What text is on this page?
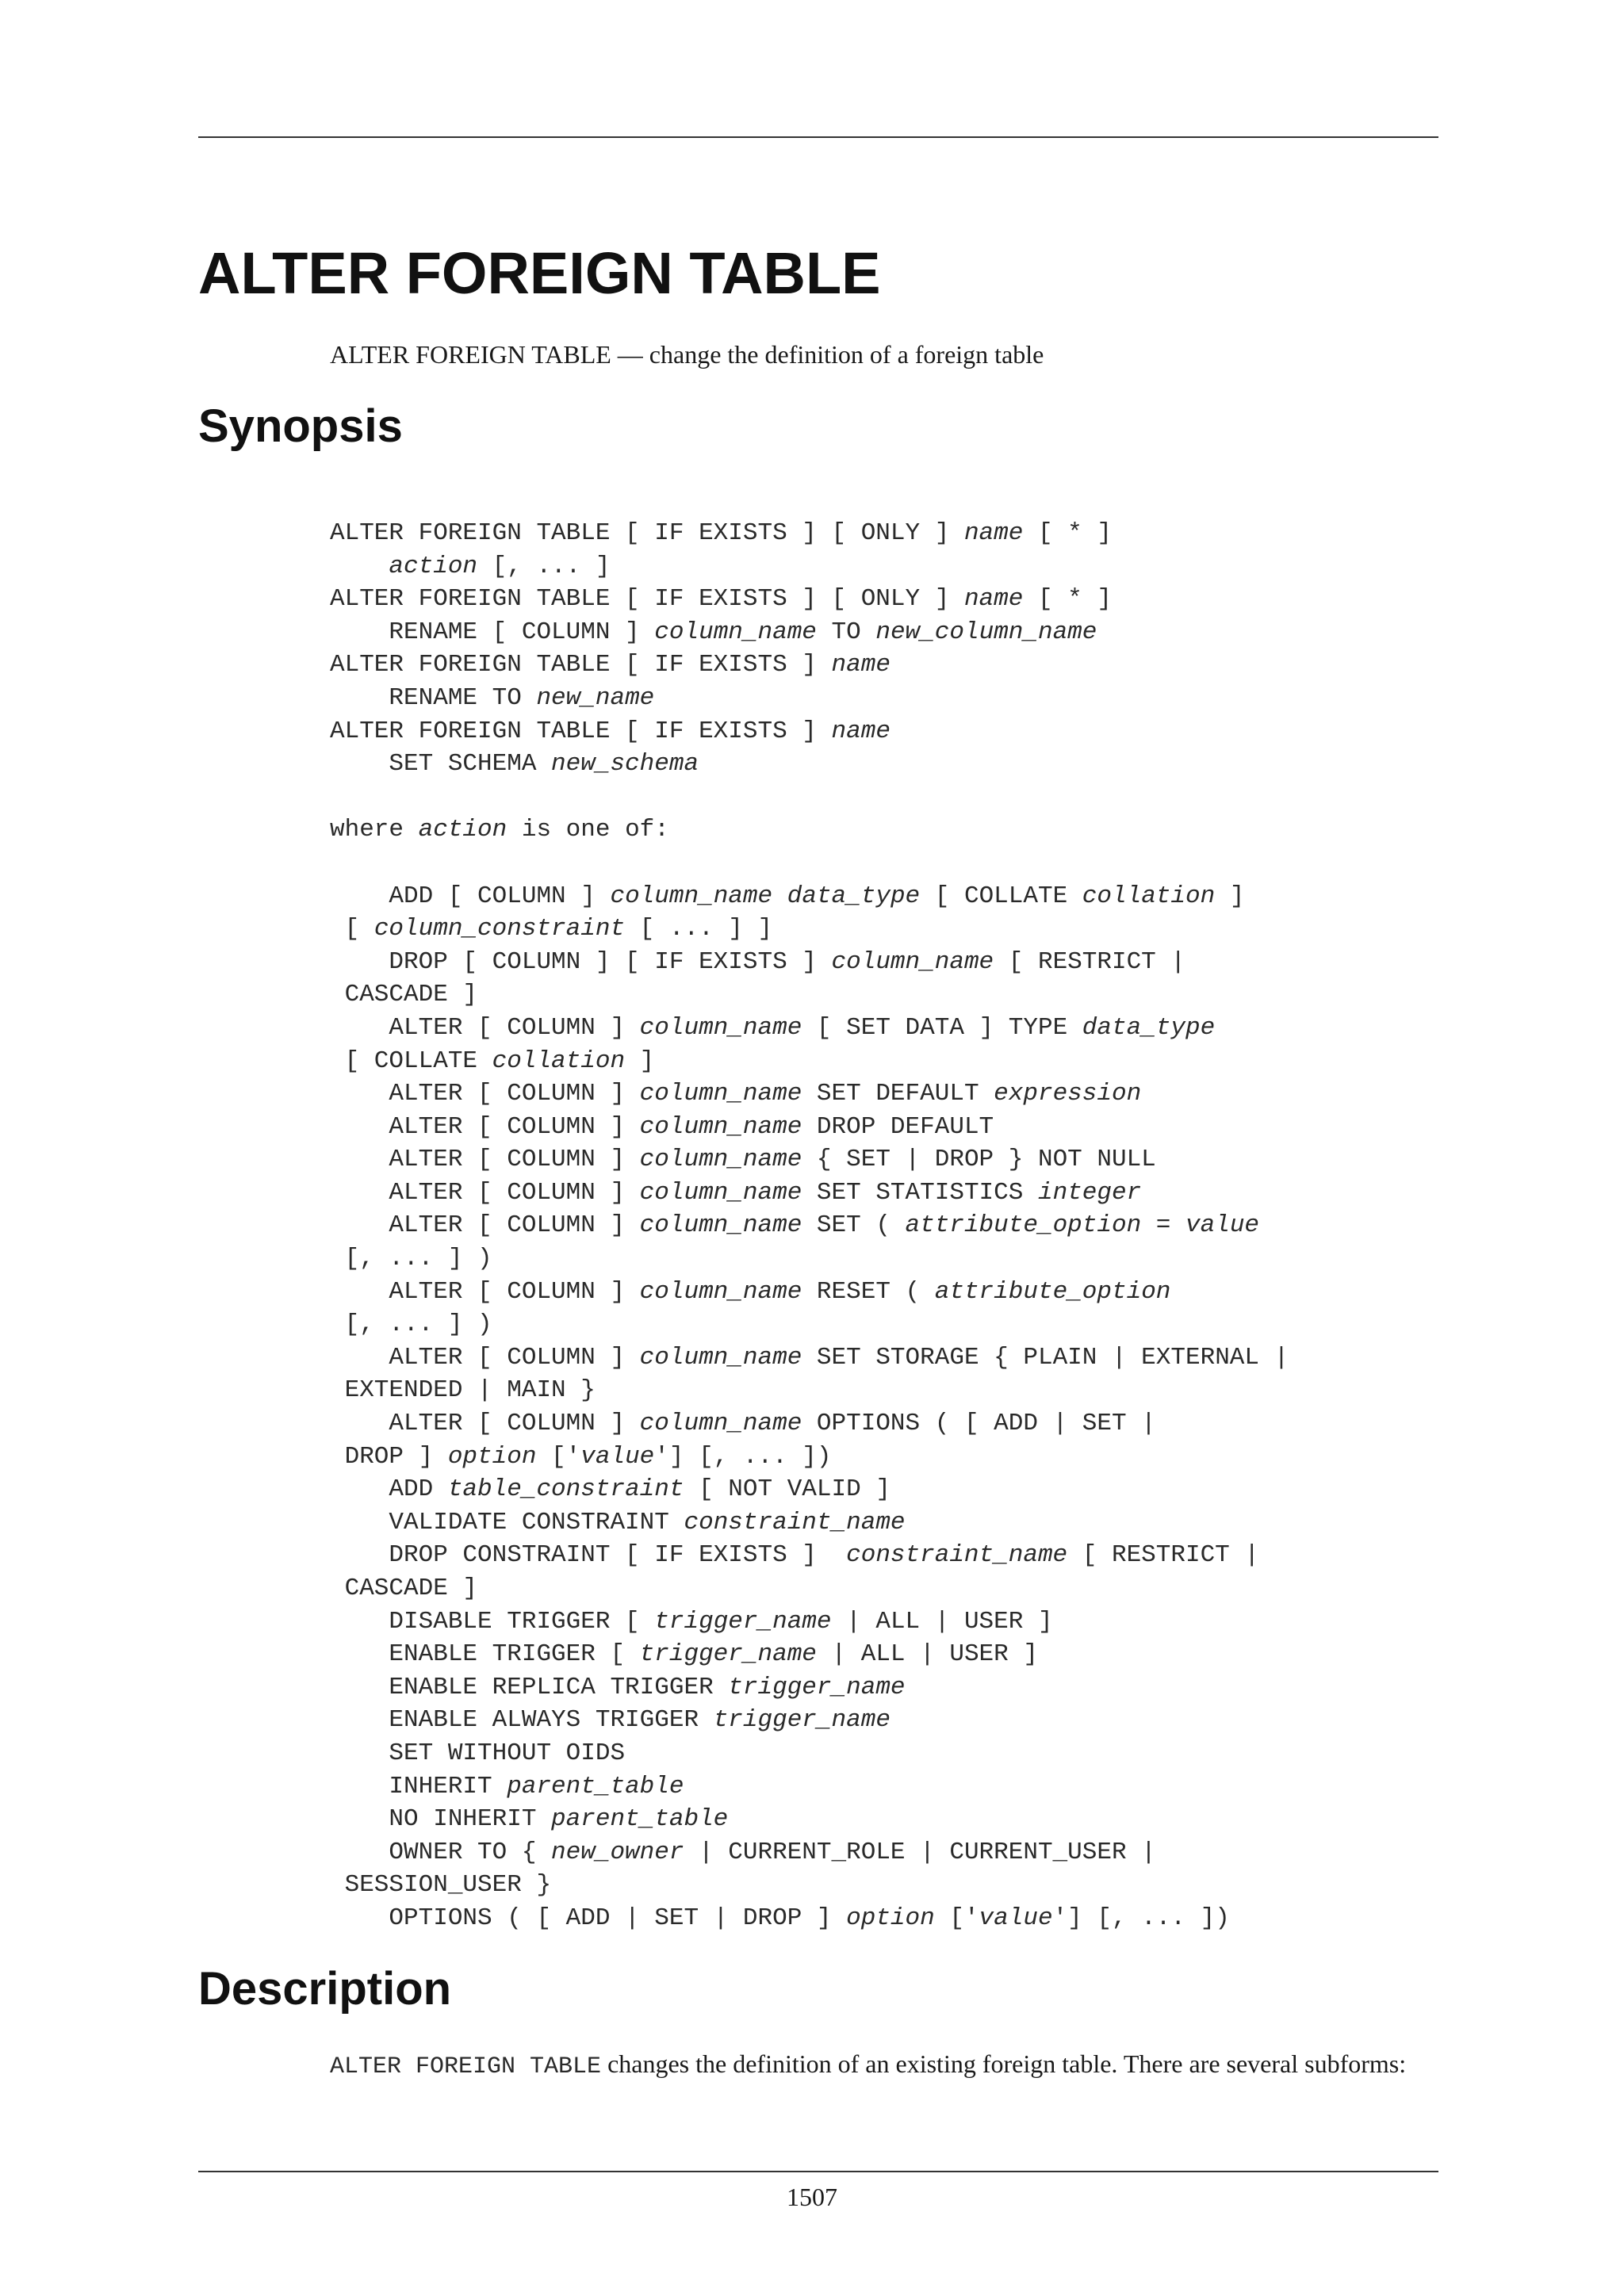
ALTER FOREIGN TABLE

ALTER FOREIGN TABLE — change the definition of a foreign table

Synopsis
ALTER FOREIGN TABLE [ IF EXISTS ] [ ONLY ] name [ * ]
action [, ... ]
ALTER FOREIGN TABLE [ IF EXISTS ] [ ONLY ] name [ * ]
RENAME [ COLUMN ] column_name TO new_column_name
ALTER FOREIGN TABLE [ IF EXISTS ] name
RENAME TO new_name
ALTER FOREIGN TABLE [ IF EXISTS ] name
SET SCHEMA new_schema

where action is one of:

ADD [ COLUMN ] column_name data_type [ COLLATE collation ]
[ column_constraint [ ... ] ]
DROP [ COLUMN ] [ IF EXISTS ] column_name [ RESTRICT |
CASCADE ]
ALTER [ COLUMN ] column_name [ SET DATA ] TYPE data_type
[ COLLATE collation ]
ALTER [ COLUMN ] column_name SET DEFAULT expression
ALTER [ COLUMN ] column_name DROP DEFAULT
ALTER [ COLUMN ] column_name { SET | DROP } NOT NULL
ALTER [ COLUMN ] column_name SET STATISTICS integer
ALTER [ COLUMN ] column_name SET ( attribute_option = value
[, ... ] )
ALTER [ COLUMN ] column_name RESET ( attribute_option
[, ... ] )
ALTER [ COLUMN ] column_name SET STORAGE { PLAIN | EXTERNAL |
EXTENDED | MAIN }
ALTER [ COLUMN ] column_name OPTIONS ( [ ADD | SET |
DROP ] option ['value'] [, ... ])
ADD table_constraint [ NOT VALID ]
VALIDATE CONSTRAINT constraint_name
DROP CONSTRAINT [ IF EXISTS ]  constraint_name [ RESTRICT |
CASCADE ]
DISABLE TRIGGER [ trigger_name | ALL | USER ]
ENABLE TRIGGER [ trigger_name | ALL | USER ]
ENABLE REPLICA TRIGGER trigger_name
ENABLE ALWAYS TRIGGER trigger_name
SET WITHOUT OIDS
INHERIT parent_table
NO INHERIT parent_table
OWNER TO { new_owner | CURRENT_ROLE | CURRENT_USER |
SESSION_USER }
OPTIONS ( [ ADD | SET | DROP ] option ['value'] [, ... ])
Description

ALTER FOREIGN TABLE changes the definition of an existing foreign table. There are several subforms:

1507
